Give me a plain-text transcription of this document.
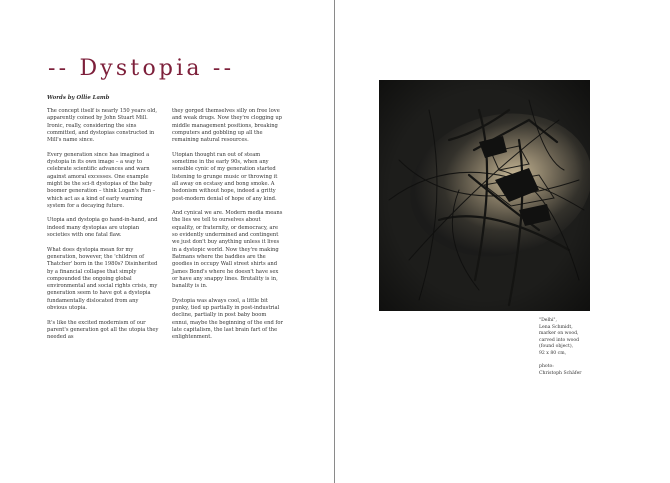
-- Dystopia --

Words by Ollie Lamb

The concept itself is nearly 150 years old, apparently coined by John Stuart Mill. Ironic, really, considering the sins committed, and dystopias constructed in Mill's name since.

Every generation since has imagined a dystopia in its own image – a way to celebrate scientific advances and warn against amoral excesses. One example might be the sci-fi dystopias of the baby boomer generation – think Logan's Run – which act as a kind of early warning system for a decaying future.

Utopia and dystopia go hand-in-hand, and indeed many dystopias are utopian societies with one fatal flaw.

What does dystopia mean for my generation, however, the 'children of Thatcher' born in the 1980s? Disinherited by a financial collapse that simply compounded the ongoing global environmental and social rights crisis, my generation seem to have got a dystopia fundamentally dislocated from any obvious utopia.

It's like the excited modernism of our parent's generation got all the utopia they needed as

they gorged themselves silly on free love and weak drugs. Now they're clogging up middle management positions, breaking computers and gobbling up all the remaining natural resources.

Utopian thought ran out of steam sometime in the early 90s, when any sensible cynic of my generation started listening to grunge music or throwing it all away on ecstasy and bong smoke. A hedonism without hope, indeed a gritty post-modern denial of hope of any kind.

And cynical we are. Modern media means the lies we tell to ourselves about equality, or fraternity, or democracy, are so evidently undermined and contingent we just don't buy anything unless it lives in a dystopic world. Now they're making Batmans where the baddies are the goodies in occupy Wall street shirts and James Bond's where he doesn't have sex or have any snappy lines. Brutality is in, banality is in.

Dystopia was always cool, a little bit punky, tied up partially in post-industrial decline, partially in post baby boom ennui, maybe the beginning of the end for late capitalism, the last brain fart of the enlightenment.

"Delhi",
Lena Schmidt,
marker on wood,
carved into wood
(found object),
92 x 80 cm,
photo:
Christoph Schäfer
